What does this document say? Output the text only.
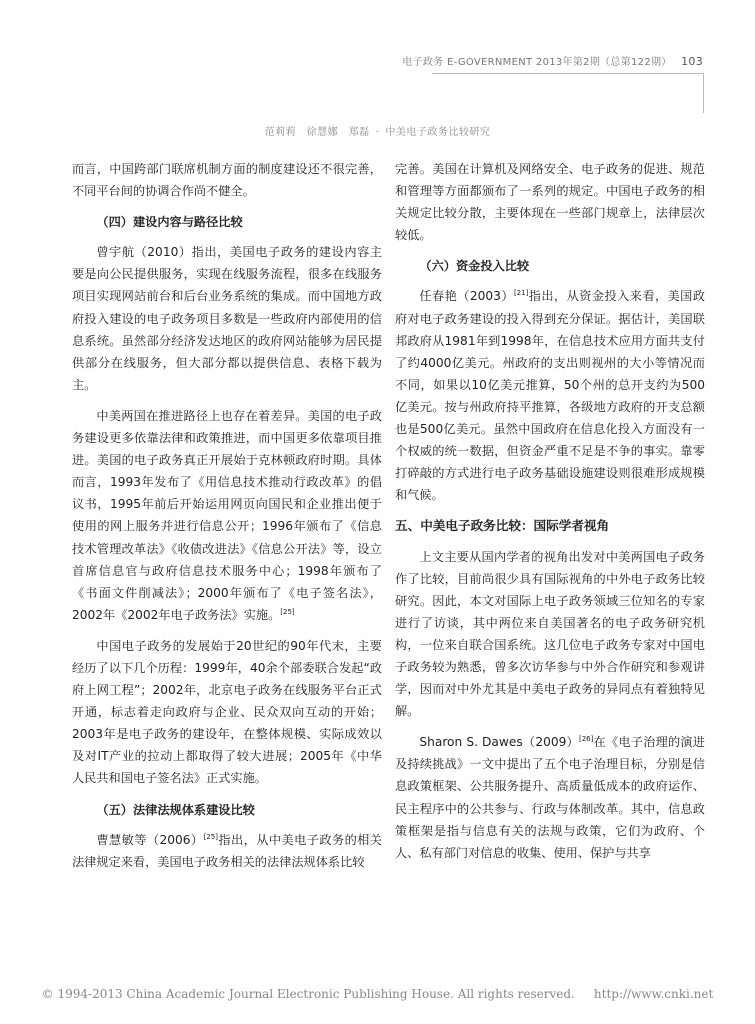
电子政务 E-GOVERNMENT 2013年第2期（总第122期） 103
范莉莉　徐慧娜　郑磊 · 中美电子政务比较研究

而言，中国跨部门联席机制方面的制度建设还不很完善，不同平台间的协调合作尚不健全。

（四）建设内容与路径比较

曾宇航（2010）指出，美国电子政务的建设内容主要是向公民提供服务，实现在线服务流程，很多在线服务项目实现网站前台和后台业务系统的集成。而中国地方政府投入建设的电子政务项目多数是一些政府内部使用的信息系统。虽然部分经济发达地区的政府网站能够为居民提供部分在线服务，但大部分都以提供信息、表格下载为主。

中美两国在推进路径上也存在着差异。美国的电子政务建设更多依靠法律和政策推进，而中国更多依靠项目推进。美国的电子政务真正开展始于克林顿政府时期。具体而言，1993年发布了《用信息技术推动行政改革》的倡议书，1995年前后开始运用网页向国民和企业推出便于使用的网上服务并进行信息公开；1996年颁布了《信息技术管理改革法》《收债改进法》《信息公开法》等，设立首席信息官与政府信息技术服务中心；1998年颁布了《书面文件削减法》；2000年颁布了《电子签名法》，2002年《2002年电子政务法》实施。[25]

中国电子政务的发展始于20世纪的90年代末，主要经历了以下几个历程：1999年，40余个部委联合发起“政府上网工程”；2002年，北京电子政务在线服务平台正式开通，标志着走向政府与企业、民众双向互动的开始；2003年是电子政务的建设年，在整体规模、实际成效以及对IT产业的拉动上都取得了较大进展；2005年《中华人民共和国电子签名法》正式实施。

（五）法律法规体系建设比较

曹慧敏等（2006）[25]指出，从中美电子政务的相关法律规定来看，美国电子政务相关的法律法规体系比较

完善。美国在计算机及网络安全、电子政务的促进、规范和管理等方面都颁布了一系列的规定。中国电子政务的相关规定比较分散，主要体现在一些部门规章上，法律层次较低。

（六）资金投入比较

任春艳（2003）[21]指出，从资金投入来看，美国政府对电子政务建设的投入得到充分保证。据估计，美国联邦政府从1981年到1998年，在信息技术应用方面共支付了约4000亿美元。州政府的支出则视州的大小等情况而不同，如果以10亿美元推算，50个州的总开支约为500亿美元。按与州政府持平推算，各级地方政府的开支总额也是500亿美元。虽然中国政府在信息化投入方面没有一个权威的统一数据，但资金严重不足是不争的事实。靠零打碎敲的方式进行电子政务基础设施建设则很难形成规模和气候。

五、中美电子政务比较：国际学者视角

上文主要从国内学者的视角出发对中美两国电子政务作了比较，目前尚很少具有国际视角的中外电子政务比较研究。因此，本文对国际上电子政务领域三位知名的专家进行了访谈，其中两位来自美国著名的电子政务研究机构，一位来自联合国系统。这几位电子政务专家对中国电子政务较为熟悉，曾多次访华参与中外合作研究和参观讲学，因而对中外尤其是中美电子政务的异同点有着独特见解。

Sharon S. Dawes（2009）[26]在《电子治理的演进及持续挑战》一文中提出了五个电子治理目标，分别是信息政策框架、公共服务提升、高质量低成本的政府运作、民主程序中的公共参与、行政与体制改革。其中，信息政策框架是指与信息有关的法规与政策，它们为政府、个人、私有部门对信息的收集、使用、保护与共享

© 1994-2013 China Academic Journal Electronic Publishing House. All rights reserved. http://www.cnki.net
